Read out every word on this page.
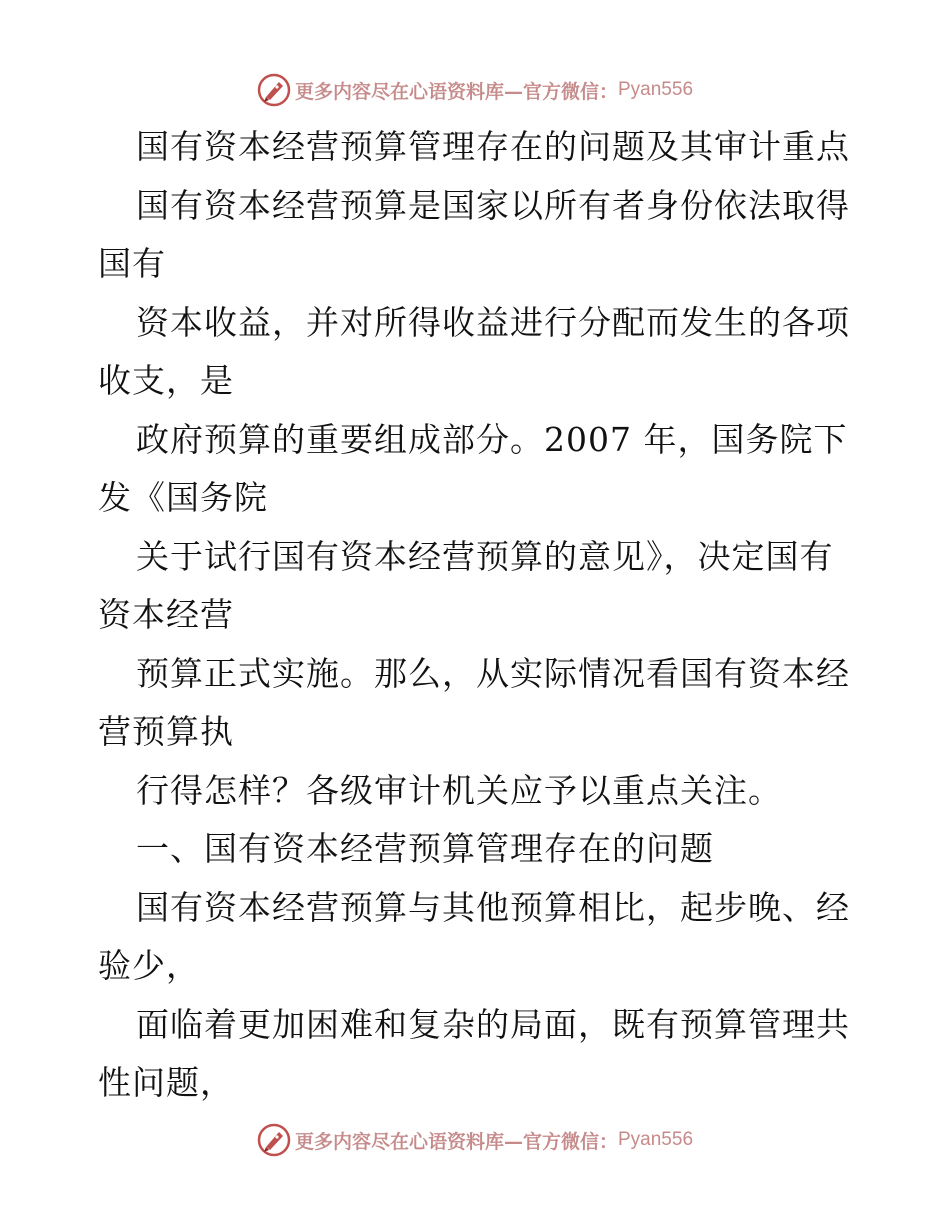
更多内容尽在心语资料库—官方微信： Pyan556
国有资本经营预算管理存在的问题及其审计重点
国有资本经营预算是国家以所有者身份依法取得
国有
资本收益，并对所得收益进行分配而发生的各项
收支，是
政府预算的重要组成部分。2007 年，国务院下
发《国务院
关于试行国有资本经营预算的意见》，决定国有
资本经营
预算正式实施。那么，从实际情况看国有资本经
营预算执
行得怎样？各级审计机关应予以重点关注。
一、国有资本经营预算管理存在的问题
国有资本经营预算与其他预算相比，起步晚、经
验少，
面临着更加困难和复杂的局面，既有预算管理共
性问题，
更多内容尽在心语资料库—官方微信： Pyan556
